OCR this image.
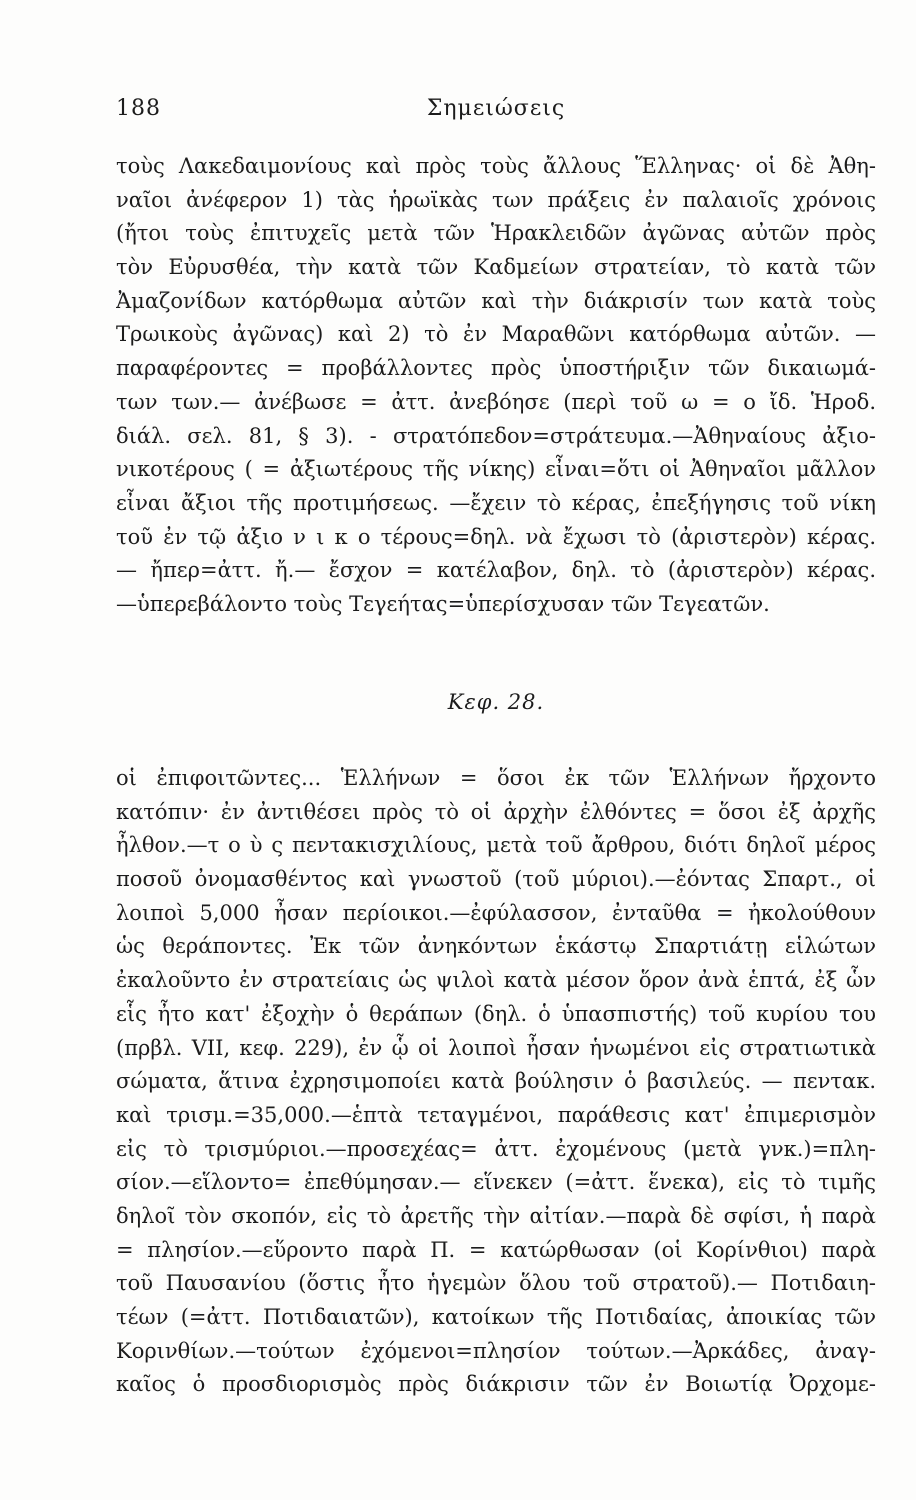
188	Σημειώσεις
τοὺς Λακεδαιμονίους καὶ πρὸς τοὺς ἄλλους Ἕλληνας· οἱ δὲ Ἀθη-
ναῖοι ἀνέφερον 1) τὰς ἡρωϊκὰς των πράξεις ἐν παλαιοῖς χρόνοις
(ἤτοι τοὺς ἐπιτυχεῖς μετὰ τῶν Ἡρακλειδῶν ἀγῶνας αὐτῶν πρὸς
τὸν Εὐρυσθέα, τὴν κατὰ τῶν Καδμείων στρατείαν, τὸ κατὰ τῶν
Ἀμαζονίδων κατόρθωμα αὐτῶν καὶ τὴν διάκρισίν των κατὰ τοὺς
Τρωικοὺς ἀγῶνας) καὶ 2) τὸ ἐν Μαραθῶνι κατόρθωμα αὐτῶν. —
παραφέροντες = προβάλλοντες πρὸς ὑποστήριξιν τῶν δικαιωμά-
των των.— ἀνέβωσε = ἀττ. ἀνεβόησε (περὶ τοῦ ω = ο ἴδ. Ἡροδ.
διάλ. σελ. 81, § 3). - στρατόπεδον=στράτευμα.—Ἀθηναίους ἀξιο-
νικοτέρους ( = ἀξιωτέρους τῆς νίκης) εἶναι=ὅτι οἱ Ἀθηναῖοι μᾶλλον
εἶναι ἄξιοι τῆς προτιμήσεως. —ἔχειν τὸ κέρας, ἐπεξήγησις τοῦ νίκη
τοῦ ἐν τῷ ἀξιο ν ι κ ο τέρους=δηλ. νὰ ἔχωσι τὸ (ἀριστερὸν) κέρας.
— ἤπερ=ἀττ. ἤ.— ἔσχον = κατέλαβον, δηλ. τὸ (ἀριστερὸν) κέρας.
—ὑπερεβάλοντο τοὺς Τεγεήτας=ὑπερίσχυσαν τῶν Τεγεατῶν.
Κεφ. 28.
οἱ ἐπιφοιτῶντες... Ἑλλήνων = ὅσοι ἐκ τῶν Ἑλλήνων ἤρχοντο
κατόπιν· ἐν ἀντιθέσει πρὸς τὸ οἱ ἀρχὴν ἐλθόντες = ὅσοι ἐξ ἀρχῆς
ἦλθον.—τ ο ὺ ς πεντακισχιλίους, μετὰ τοῦ ἄρθρου, διότι δηλοῖ μέρος
ποσοῦ ὀνομασθέντος καὶ γνωστοῦ (τοῦ μύριοι).—ἐόντας Σπαρτ., οἱ
λοιποὶ 5,000 ἦσαν περίοικοι.—ἐφύλασσον, ἐνταῦθα = ἠκολούθουν
ὡς θεράποντες. Ἐκ τῶν ἀνηκόντων ἑκάστῳ Σπαρτιάτῃ εἱλώτων
ἐκαλοῦντο ἐν στρατείαις ὡς ψιλοὶ κατὰ μέσον ὅρον ἀνὰ ἑπτά, ἐξ ὧν
εἷς ἦτο κατ' ἐξοχὴν ὁ θεράπων (δηλ. ὁ ὑπασπιστής) τοῦ κυρίου του
(πρβλ. VII, κεφ. 229), ἐν ᾧ οἱ λοιποὶ ἦσαν ἡνωμένοι εἰς στρατιωτικὰ
σώματα, ἅτινα ἐχρησιμοποίει κατὰ βούλησιν ὁ βασιλεύς. — πεντακ.
καὶ τρισμ.=35,000.—ἑπτὰ τεταγμένοι, παράθεσις κατ' ἐπιμερισμὸν
εἰς τὸ τρισμύριοι.—προσεχέας= ἀττ. ἐχομένους (μετὰ γνκ.)=πλη-
σίον.—εἵλοντο= ἐπεθύμησαν.— εἵνεκεν (=ἀττ. ἕνεκα), εἰς τὸ τιμῆς
δηλοῖ τὸν σκοπόν, εἰς τὸ ἀρετῆς τὴν αἰτίαν.—παρὰ δὲ σφίσι, ἡ παρὰ
= πλησίον.—εὕροντο παρὰ Π. = κατώρθωσαν (οἱ Κορίνθιοι) παρὰ
τοῦ Παυσανίου (ὅστις ἦτο ἡγεμὼν ὅλου τοῦ στρατοῦ).— Ποτιδαιη-
τέων (=ἀττ. Ποτιδαιατῶν), κατοίκων τῆς Ποτιδαίας, ἀποικίας τῶν
Κορινθίων.—τούτων ἐχόμενοι=πλησίον τούτων.—Ἀρκάδες, ἀναγ-
καῖος ὁ προσδιορισμὸς πρὸς διάκρισιν τῶν ἐν Βοιωτίᾳ Ὀρχομε-
